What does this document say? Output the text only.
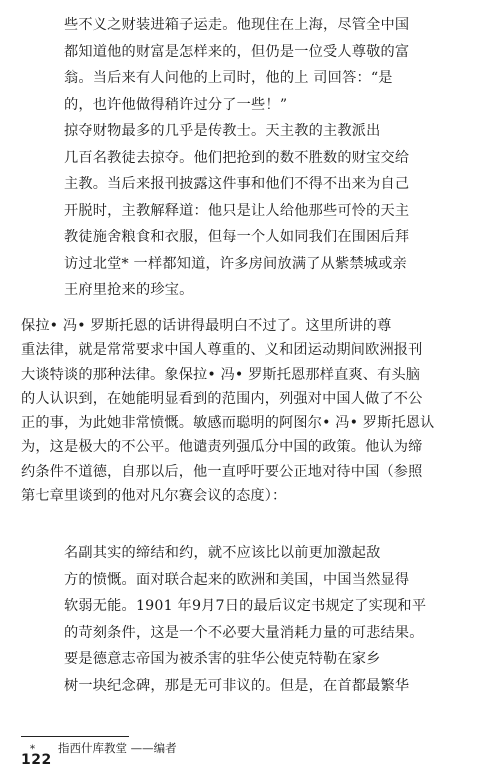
些不义之财装进箱子运走。他现住在上海，尽管全中国
都知道他的财富是怎样来的，但仍是一位受人尊敬的富
翁。当后来有人问他的上司时，他的上 司回答：“是
的，也许他做得稍许过分了一些！”
掠夺财物最多的几乎是传教士。天主教的主教派出
几百名教徒去掠夺。他们把抢到的数不胜数的财宝交给
主教。当后来报刊披露这件事和他们不得不出来为自己
开脱时，主教解释道：他只是让人给他那些可怜的天主
教徒施舍粮食和衣服，但每一个人如同我们在围困后拜
访过北堂* 一样都知道，许多房间放满了从紫禁城或亲
王府里抢来的珍宝。
保拉• 冯• 罗斯托恩的话讲得最明白不过了。这里所讲的尊
重法律，就是常常要求中国人尊重的、义和团运动期间欧洲报刊
大谈特谈的那种法律。象保拉• 冯• 罗斯托恩那样直爽、有头脑
的人认识到，在她能明显看到的范围内，列强对中国人做了不公
正的事，为此她非常愤慨。敏感而聪明的阿图尔• 冯• 罗斯托恩认
为，这是极大的不公平。他谴责列强瓜分中国的政策。他认为缔
约条件不道德，自那以后，他一直呼吁要公正地对待中国（参照
第七章里谈到的他对凡尔赛会议的态度）：
名副其实的缔结和约，就不应该比以前更加激起敌
方的愤慨。面对联合起来的欧洲和美国，中国当然显得
软弱无能。1901 年9月7日的最后议定书规定了实现和平
的苛刻条件，这是一个不必要大量消耗力量的可悲结果。
要是德意志帝国为被杀害的驻华公使克特勒在家乡
树一块纪念碑，那是无可非议的。但是，在首都最繁华
* 指西什库教堂 ——编者
122
